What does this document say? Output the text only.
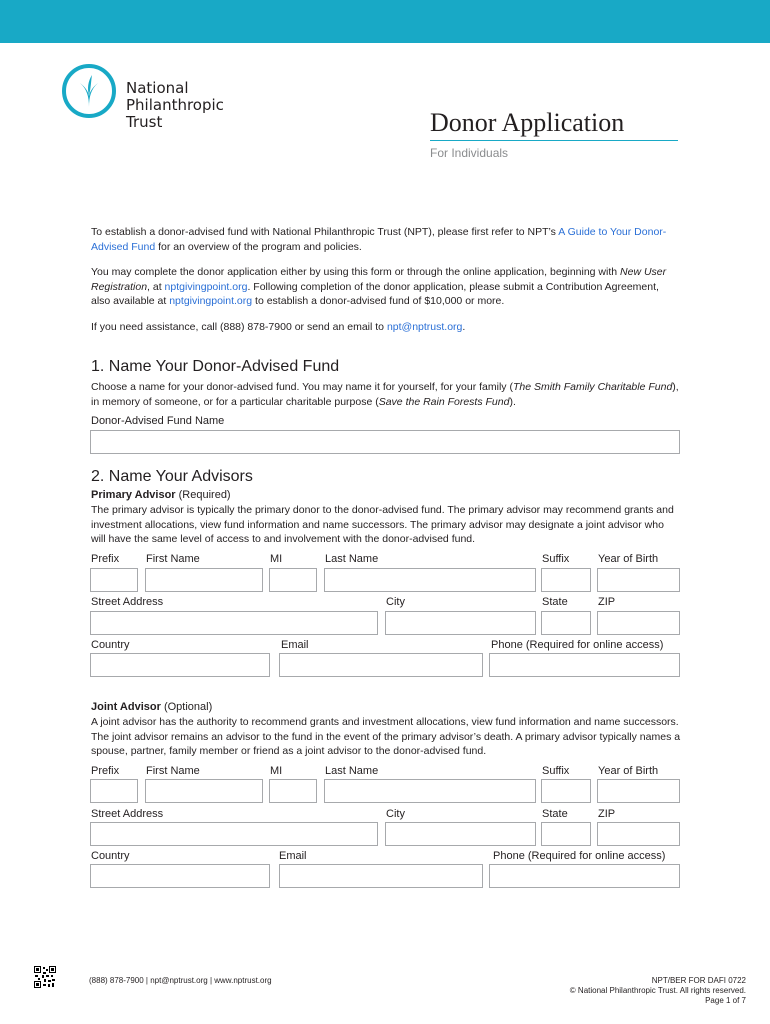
National
Philanthropic
Trust	Donor Application
For Individuals
To establish a donor-advised fund with National Philanthropic Trust (NPT), please first refer to NPT’s A Guide to Your Donor-Advised Fund for an overview of the program and policies.
You may complete the donor application either by using this form or through the online application, beginning with New User Registration, at nptgivingpoint.org. Following completion of the donor application, please submit a Contribution Agreement, also available at nptgivingpoint.org to establish a donor-advised fund of $10,000 or more.
If you need assistance, call (888) 878-7900 or send an email to npt@nptrust.org.
1. Name Your Donor-Advised Fund
Choose a name for your donor-advised fund. You may name it for yourself, for your family (The Smith Family Charitable Fund), in memory of someone, or for a particular charitable purpose (Save the Rain Forests Fund).
Donor-Advised Fund Name
2. Name Your Advisors
Primary Advisor (Required)
The primary advisor is typically the primary donor to the donor-advised fund. The primary advisor may recommend grants and investment allocations, view fund information and name successors. The primary advisor may designate a joint advisor who will have the same level of access to and involvement with the donor-advised fund.
Prefix First Name	MI	Last Name	Suffix	Year of Birth
Street Address	City	State	ZIP
Country	Email	Phone (Required for online access)
Joint Advisor (Optional)
A joint advisor has the authority to recommend grants and investment allocations, view fund information and name successors. The joint advisor remains an advisor to the fund in the event of the primary advisor’s death. A primary advisor typically names a spouse, partner, family member or friend as a joint advisor to the donor-advised fund.
Prefix First Name	MI	Last Name	Suffix	Year of Birth
Street Address	City	State	ZIP
Country	Email	Phone (Required for online access)
(888) 878-7900 | npt@nptrust.org | www.nptrust.org	NPT/BER FOR DAFI 0722
© National Philanthropic Trust. All rights reserved.
Page 1 of 7
